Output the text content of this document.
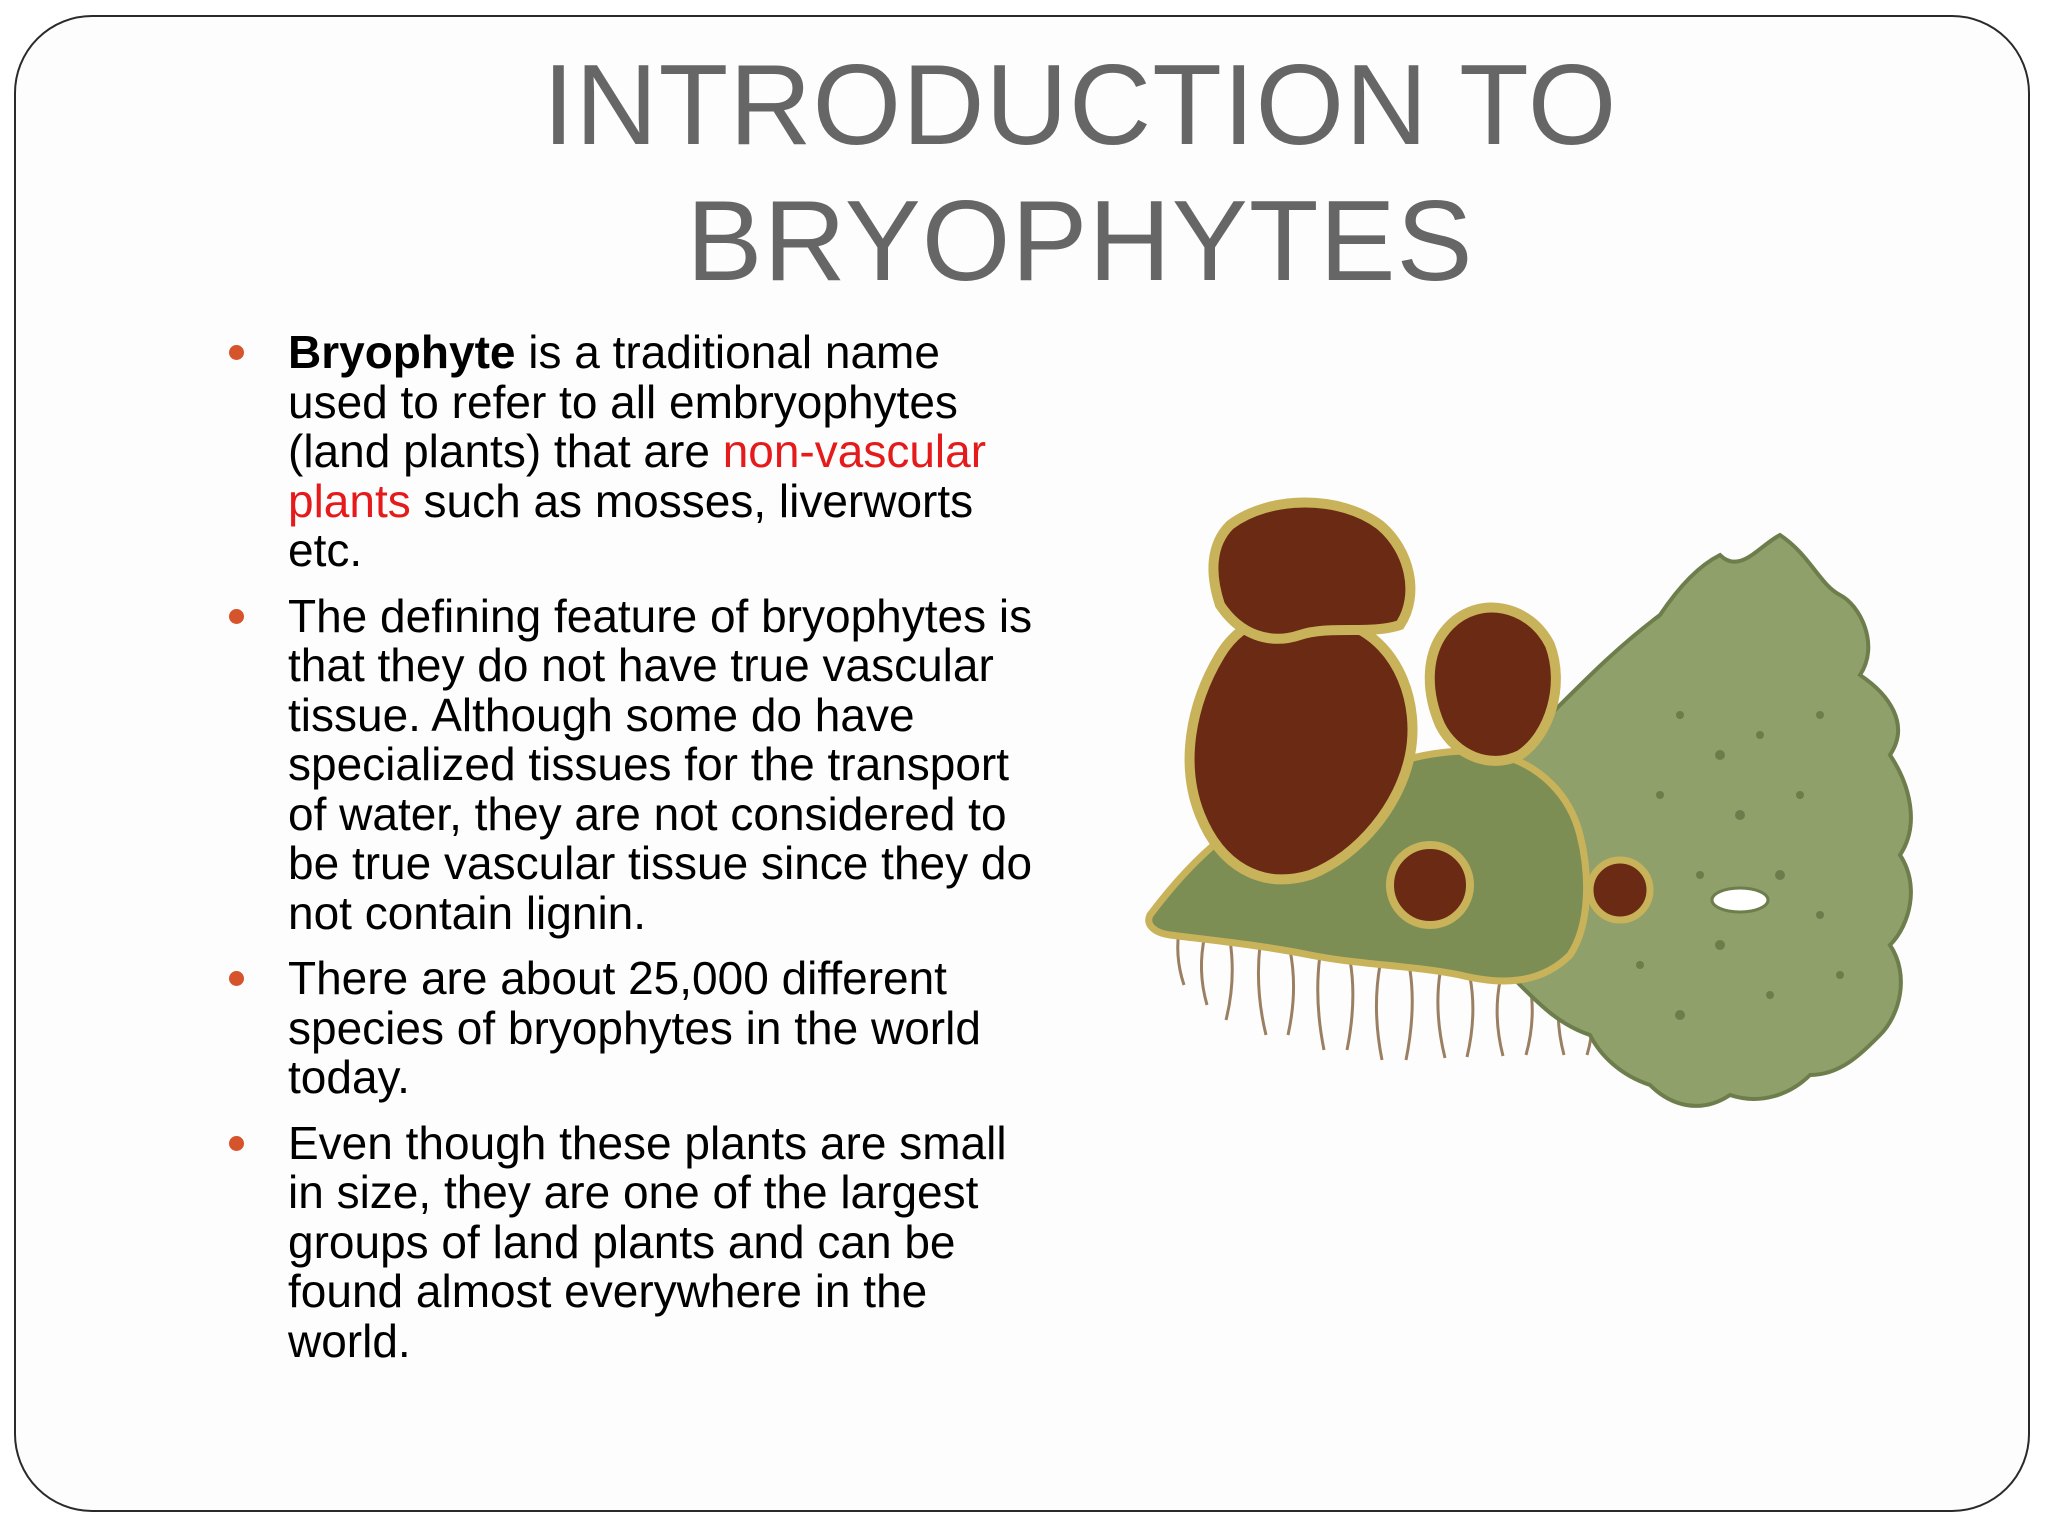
INTRODUCTION TO
BRYOPHYTES
Bryophyte is a traditional name used to refer to all embryophytes (land plants) that are non-vascular plants such as mosses, liverworts etc.
The defining feature of bryophytes is that they do not have true vascular tissue. Although some do have specialized tissues for the transport of water, they are not considered to be true vascular tissue since they do not contain lignin.
There are about 25,000 different species of bryophytes in the world today.
Even though these plants are small in size, they are one of the largest groups of land plants and can be found almost everywhere in the world.
